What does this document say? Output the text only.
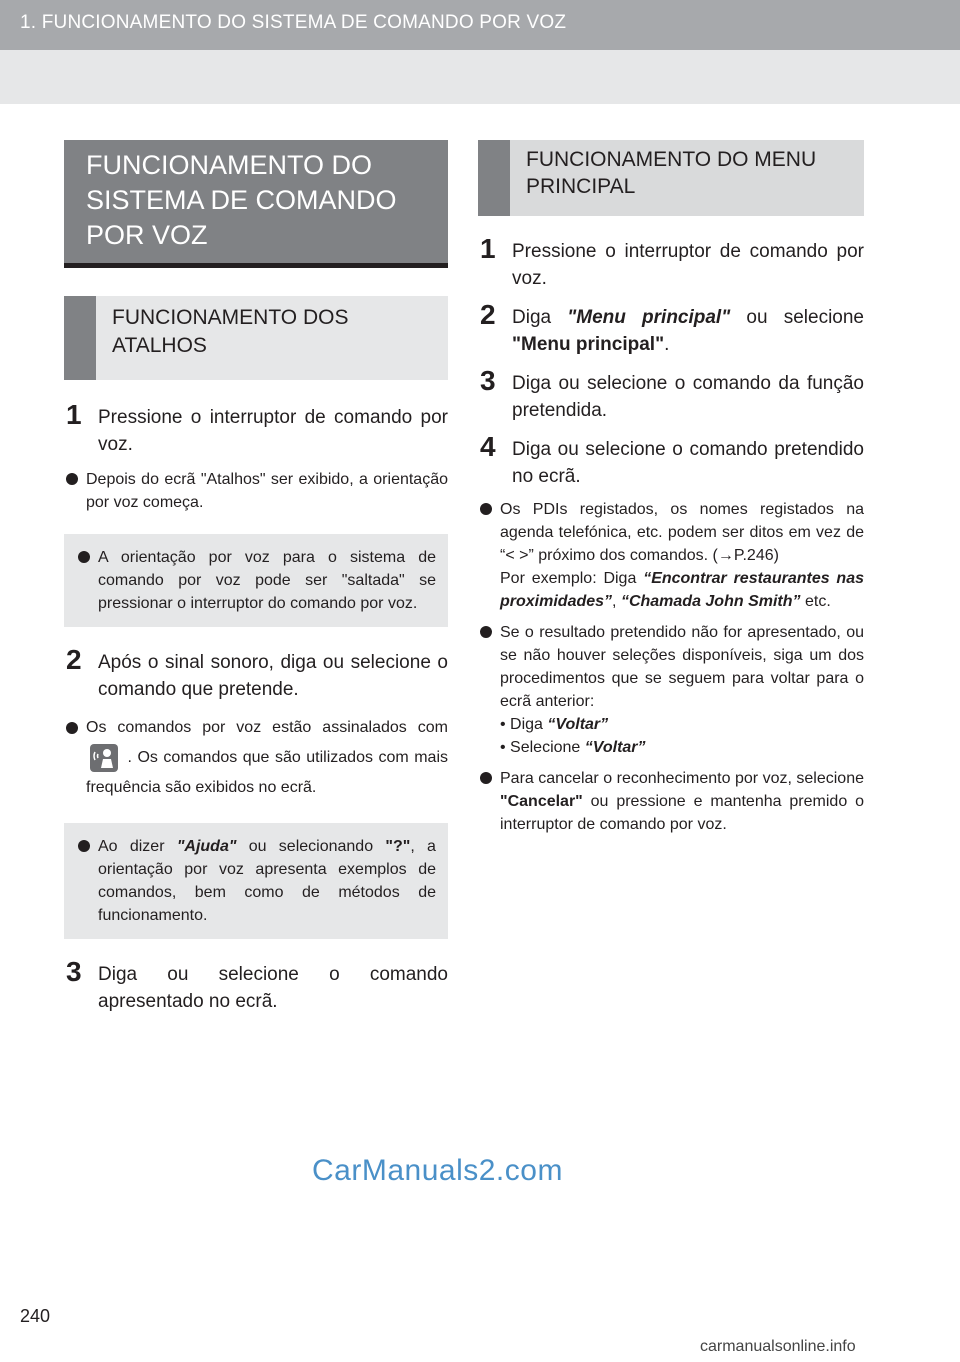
1. FUNCIONAMENTO DO SISTEMA DE COMANDO POR VOZ
FUNCIONAMENTO DO SISTEMA DE COMANDO POR VOZ
FUNCIONAMENTO DOS ATALHOS
1 Pressione o interruptor de comando por voz.
Depois do ecrã "Atalhos" ser exibido, a orientação por voz começa.
A orientação por voz para o sistema de comando por voz pode ser "saltada" se pressionar o interruptor do comando por voz.
2 Após o sinal sonoro, diga ou selecione o comando que pretende.
Os comandos por voz estão assinalados com  . Os comandos que são utilizados com mais frequência são exibidos no ecrã.
Ao dizer "Ajuda" ou selecionando "?", a orientação por voz apresenta exemplos de comandos, bem como de métodos de funcionamento.
3 Diga ou selecione o comando apresentado no ecrã.
FUNCIONAMENTO DO MENU PRINCIPAL
1 Pressione o interruptor de comando por voz.
2 Diga "Menu principal" ou selecione "Menu principal".
3 Diga ou selecione o comando da função pretendida.
4 Diga ou selecione o comando pretendido no ecrã.
Os PDIs registados, os nomes registados na agenda telefónica, etc. podem ser ditos em vez de “< >” próximo dos comandos. (→P.246)
Por exemplo: Diga “Encontrar restaurantes nas proximidades”, “Chamada John Smith” etc.
Se o resultado pretendido não for apresentado, ou se não houver seleções disponíveis, siga um dos procedimentos que se seguem para voltar para o ecrã anterior:
• Diga “Voltar”
• Selecione “Voltar”
Para cancelar o reconhecimento por voz, selecione "Cancelar" ou pressione e mantenha premido o interruptor de comando por voz.
CarManuals2.com
240
carmanualsonline.info
